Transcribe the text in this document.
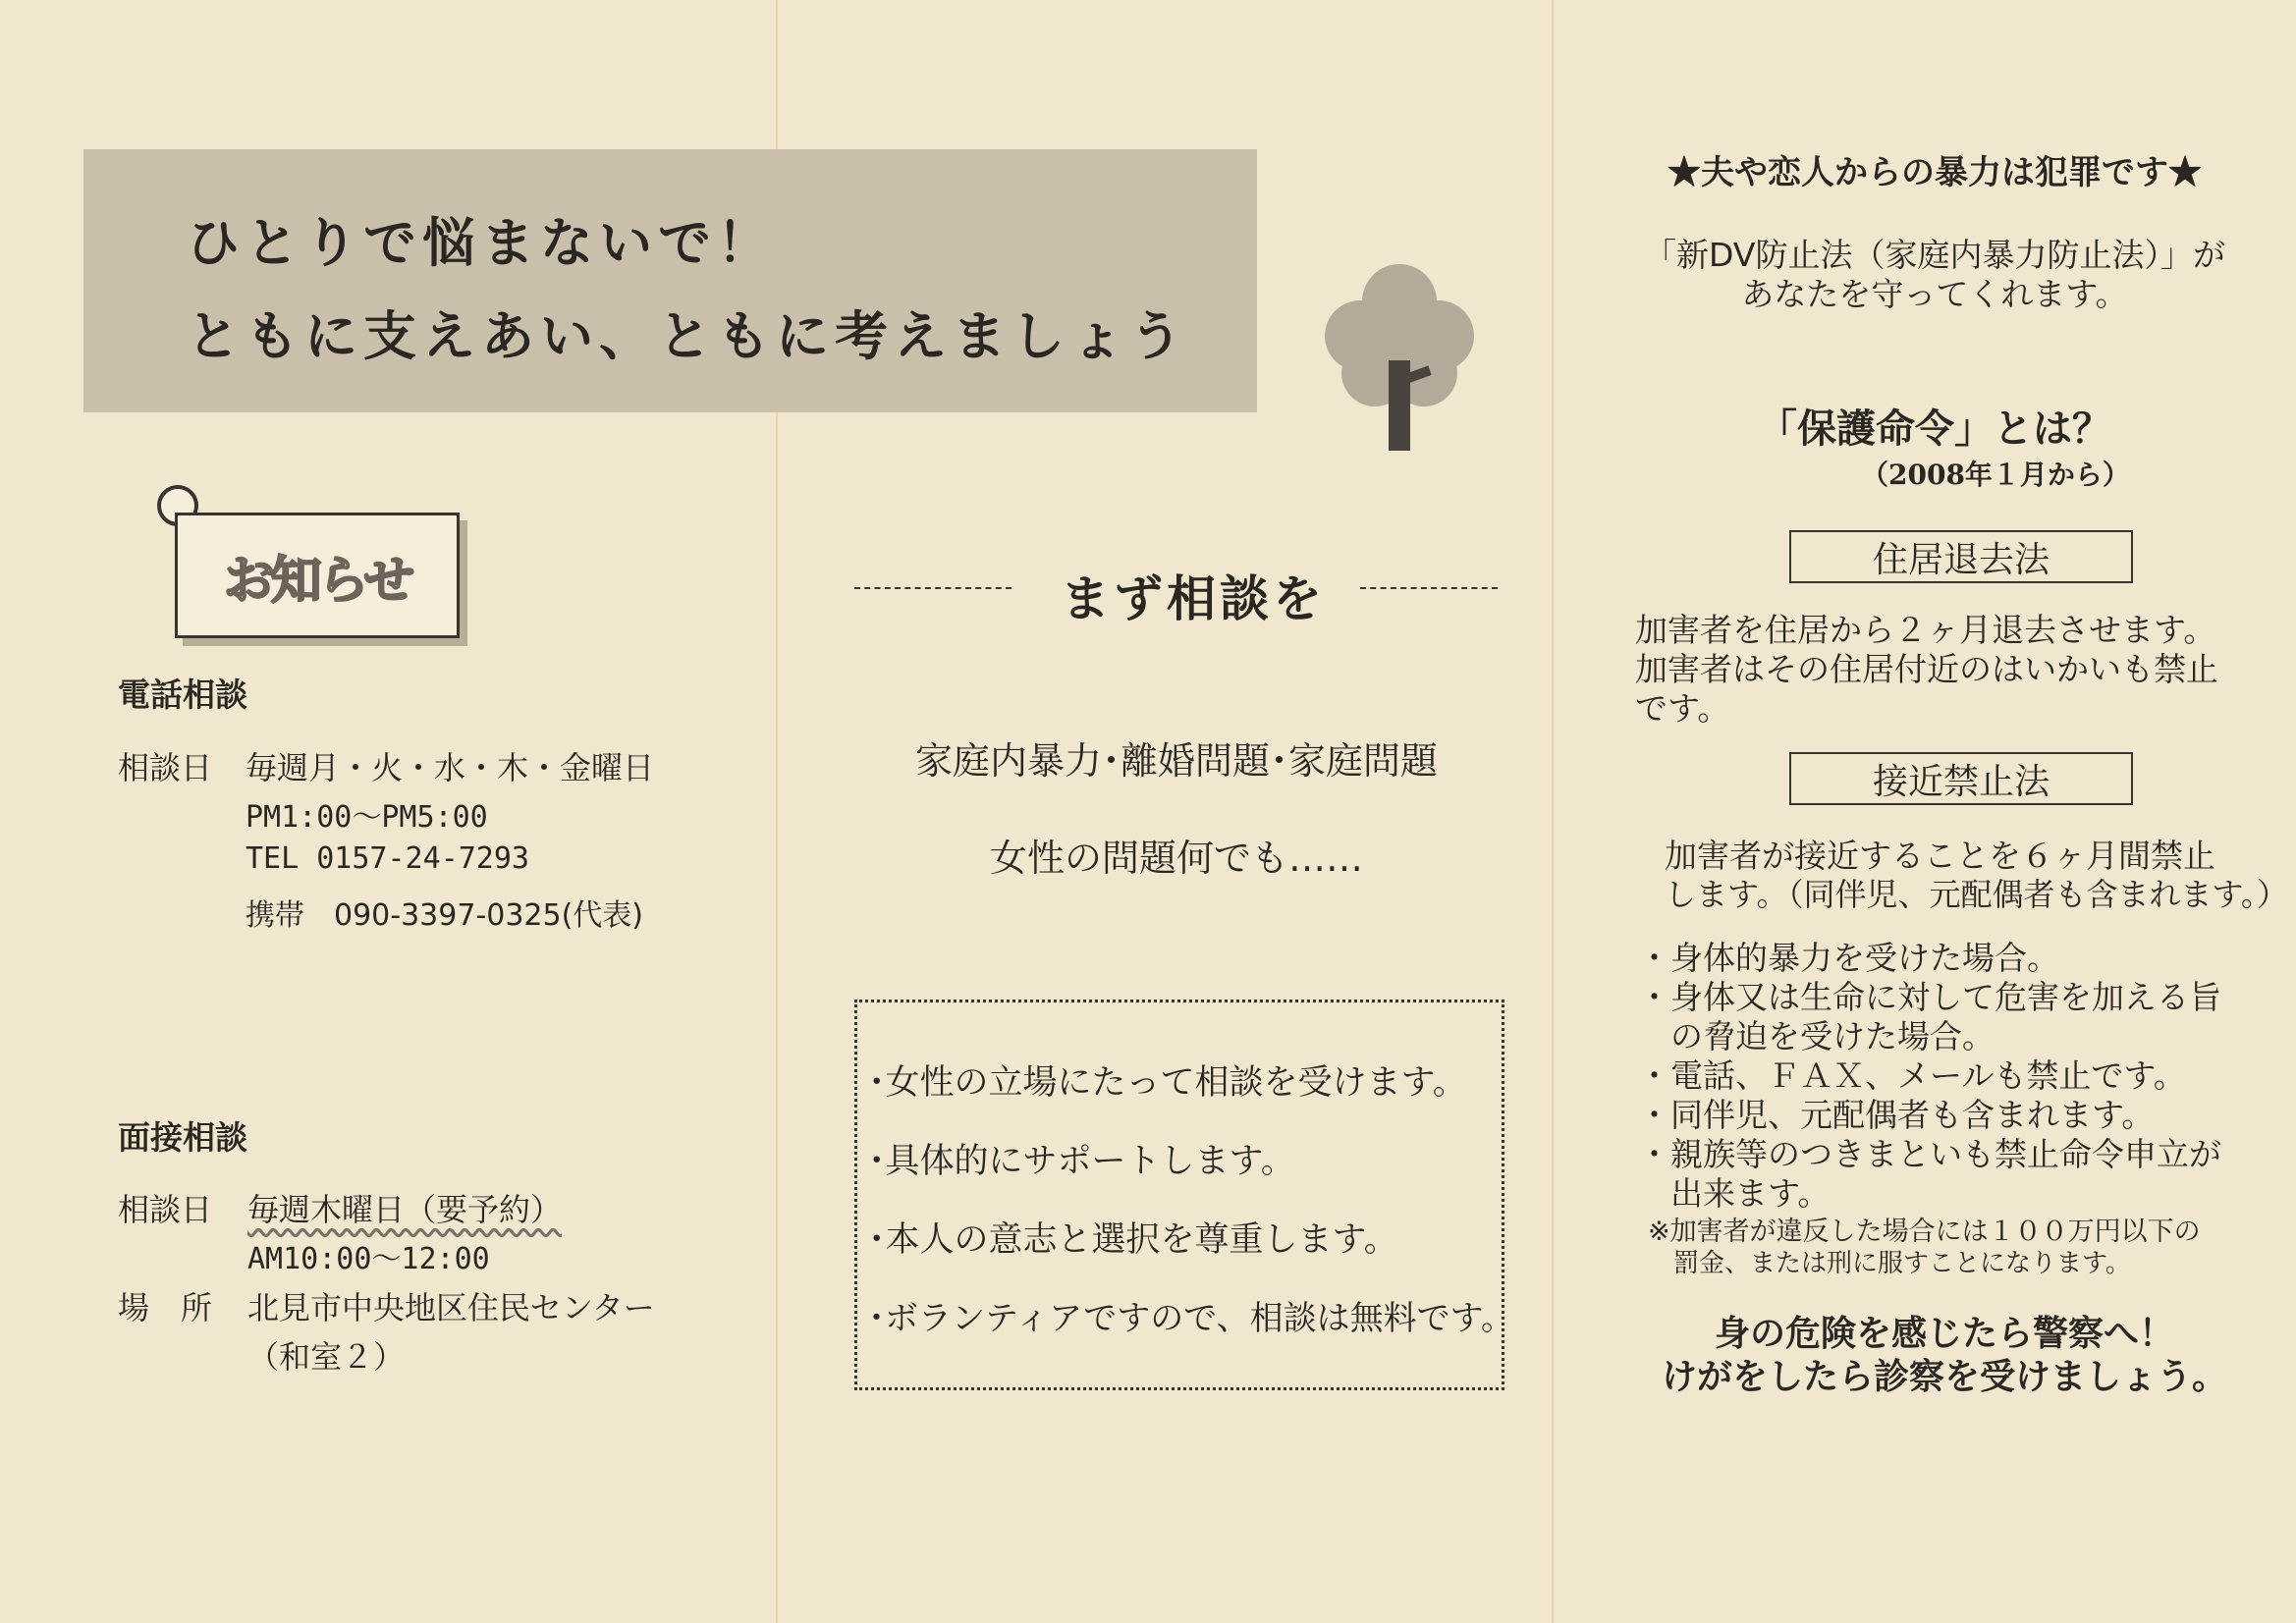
ひとりで悩まないで！
ともに支えあい、ともに考えましょう
お知らせ
電話相談
相談日 毎週月・火・水・木・金曜日
PM1:00～PM5:00
TEL 0157-24-7293
携帯　090-3397-0325(代表)
面接相談
相談日 毎週木曜日（要予約）
AM10:00～12:00
場　所 北見市中央地区住民センター
（和室２）
まず相談を
家庭内暴力･離婚問題･家庭問題
女性の問題何でも……
･女性の立場にたって相談を受けます。
･具体的にサポートします。
･本人の意志と選択を尊重します。
･ボランティアですので、相談は無料です。
★夫や恋人からの暴力は犯罪です★
「新DV防止法（家庭内暴力防止法）」が
あなたを守ってくれます。
「保護命令」とは？
（2008年１月から）
住居退去法
加害者を住居から２ヶ月退去させます。
加害者はその住居付近のはいかいも禁止
です。
接近禁止法
加害者が接近することを６ヶ月間禁止
します。（同伴児、元配偶者も含まれます。）
・身体的暴力を受けた場合。
・身体又は生命に対して危害を加える旨
　の脅迫を受けた場合。
・電話、ＦＡＸ、メールも禁止です。
・同伴児、元配偶者も含まれます。
・親族等のつきまといも禁止命令申立が
　出来ます。
※加害者が違反した場合には１００万円以下の
　罰金、または刑に服すことになります。
身の危険を感じたら警察へ！
けがをしたら診察を受けましょう。
